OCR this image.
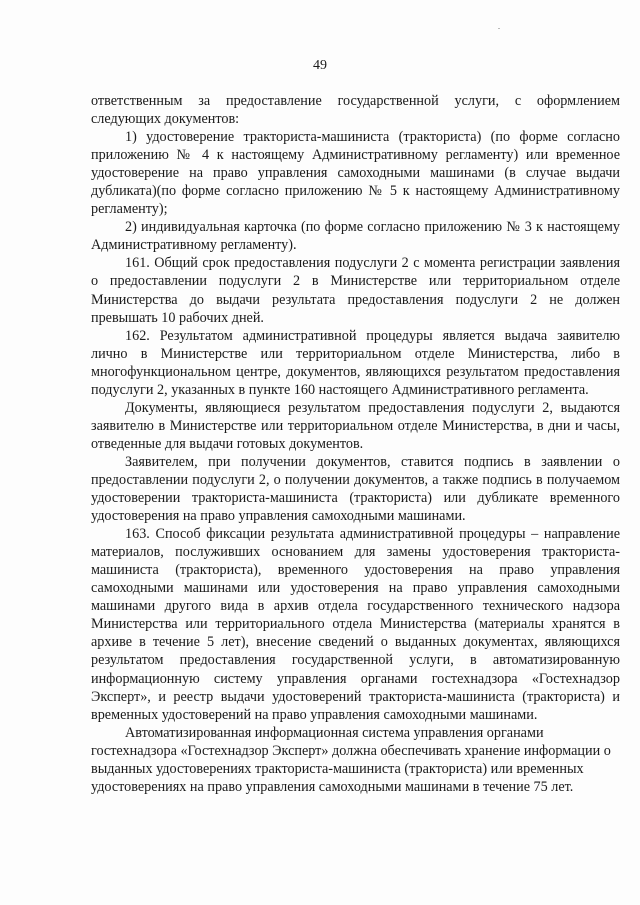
49

ответственным за предоставление государственной услуги, с оформлением следующих документов:

1) удостоверение тракториста-машиниста (тракториста) (по форме согласно приложению № 4 к настоящему Административному регламенту) или временное удостоверение на право управления самоходными машинами (в случае выдачи дубликата)(по форме согласно приложению № 5 к настоящему Административному регламенту);

2) индивидуальная карточка (по форме согласно приложению № 3 к настоящему Административному регламенту).

161. Общий срок предоставления подуслуги 2 с момента регистрации заявления о предоставлении подуслуги 2 в Министерстве или территориальном отделе Министерства до выдачи результата предоставления подуслуги 2 не должен превышать 10 рабочих дней.

162. Результатом административной процедуры является выдача заявителю лично в Министерстве или территориальном отделе Министерства, либо в многофункциональном центре, документов, являющихся результатом предоставления подуслуги 2, указанных в пункте 160 настоящего Административного регламента.

Документы, являющиеся результатом предоставления подуслуги 2, выдаются заявителю в Министерстве или территориальном отделе Министерства, в дни и часы, отведенные для выдачи готовых документов.

Заявителем, при получении документов, ставится подпись в заявлении о предоставлении подуслуги 2, о получении документов, а также подпись в получаемом удостоверении тракториста-машиниста (тракториста) или дубликате временного удостоверения на право управления самоходными машинами.

163. Способ фиксации результата административной процедуры – направление материалов, послуживших основанием для замены удостоверения тракториста-машиниста (тракториста), временного удостоверения на право управления самоходными машинами или удостоверения на право управления самоходными машинами другого вида в архив отдела государственного технического надзора Министерства или территориального отдела Министерства (материалы хранятся в архиве в течение 5 лет), внесение сведений о выданных документах, являющихся результатом предоставления государственной услуги, в автоматизированную информационную систему управления органами гостехнадзора «Гостехнадзор Эксперт», и реестр выдачи удостоверений тракториста-машиниста (тракториста) и временных удостоверений на право управления самоходными машинами.

Автоматизированная информационная система управления органами гостехнадзора «Гостехнадзор Эксперт» должна обеспечивать хранение информации о выданных удостоверениях тракториста-машиниста (тракториста) или временных удостоверениях на право управления самоходными машинами в течение 75 лет.
